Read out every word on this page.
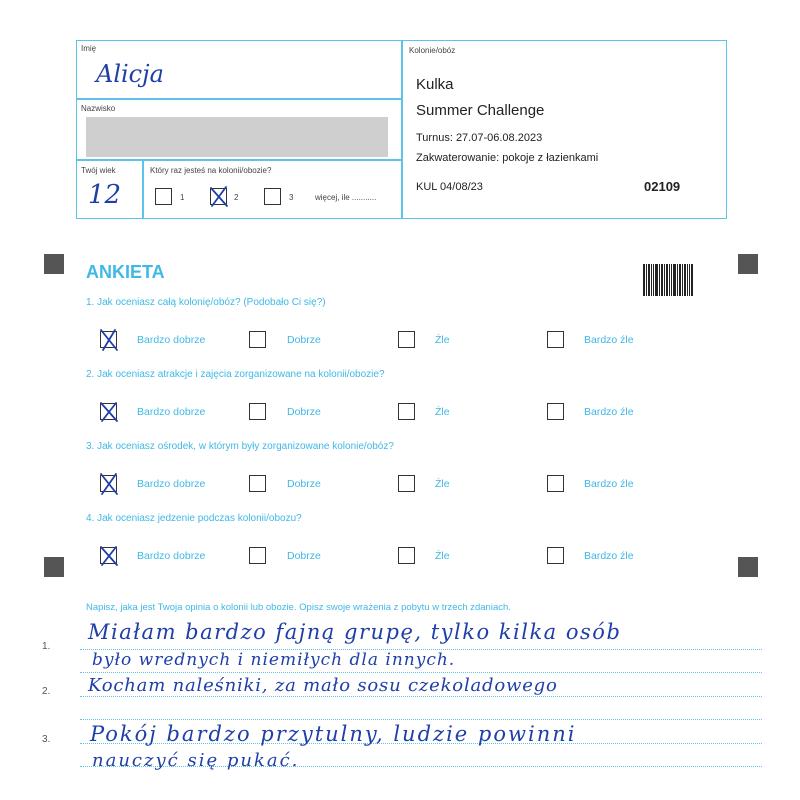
Imię
Alicja
Nazwisko
Twój wiek
12
Który raz jesteś na kolonii/obozie?
1	2	3	więcej, ile ...........
Kolonie/obóz
Kulka
Summer Challenge
Turnus: 27.07-06.08.2023
Zakwaterowanie: pokoje z łazienkami
KUL 04/08/23	02109
ANKIETA
1. Jak oceniasz całą kolonię/obóz? (Podobało Ci się?)
Bardzo dobrze	Dobrze	Źle	Bardzo źle
2. Jak oceniasz atrakcje i zajęcia zorganizowane na kolonii/obozie?
Bardzo dobrze	Dobrze	Źle	Bardzo źle
3. Jak oceniasz ośrodek, w którym były zorganizowane kolonie/obóz?
Bardzo dobrze	Dobrze	Źle	Bardzo źle
4. Jak oceniasz jedzenie podczas kolonii/obozu?
Bardzo dobrze	Dobrze	Źle	Bardzo źle
Napisz, jaka jest Twoja opinia o kolonii lub obozie. Opisz swoje wrażenia z pobytu w trzech zdaniach.
1.
2.
3.
Miałam bardzo fajną grupę, tylko kilka osób
było wrednych i niemiłych dla innych.
Kocham naleśniki, za mało sosu czekoladowego
Pokój bardzo przytulny, ludzie powinni
nauczyć się pukać.
